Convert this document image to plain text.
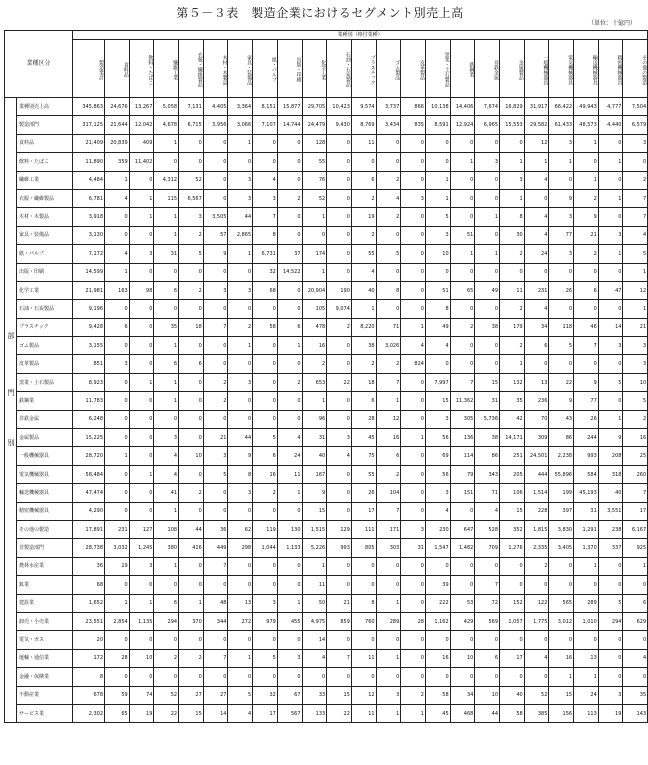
第５－３表　製造企業におけるセグメント別売上高
（単位：十億円）
業種区分		業種別（格付業種）																						
		製造業計	食料品	飲料・たばこ	繊維工業	衣服・繊維製品	木材・木製品	家具・装備品	紙・パルプ	出版・印刷	化学工業	石油・石炭製品	プラスチック	ゴム製品	皮革製品	窯業・土石製品	鉄鋼業	非鉄金属	金属製品	一般機械器具	電気機械器具	輸送機械器具	精密機械器具	その他の製造

部
門
別	業種別売上高	345,863	24,676	13,267	5,058	7,131	4,405	3,364	8,151	15,877	29,705	10,423	9,574	3,737	866	10,138	14,406	7,674	16,829	31,917	66,422	49,943	4,777	7,504
	製造部門	317,125	21,644	12,042	4,678	6,715	3,956	3,066	7,107	14,744	24,479	9,430	8,769	3,434	835	8,591	12,924	6,965	15,553	29,582	61,433	48,573	4,440	6,579
	食料品	21,409	20,839	409	1	0	0	1	0	0	128	0	11	0	0	0	0	0	0	12	3	1	0	3
	飲料・たばこ	11,890	359	11,402	0	0	0	0	0	0	55	0	0	0	0	0	1	3	1	1	1	0	1	0
	繊維工業	4,484	1	0	4,312	52	0	3	4	0	76	0	6	2	0	1	0	0	3	4	0	1	0	2
	衣服・繊維製品	6,781	4	1	115	6,567	0	3	3	2	52	0	2	4	3	1	0	0	1	0	9	2	1	7
	木材・木製品	3,918	0	1	1	3	3,505	44	7	0	1	0	19	2	0	5	0	1	8	4	3	9	0	7
	家具・装備品	3,130	0	0	1	2	57	2,865	8	0	0	0	2	0	0	3	51	0	30	4	77	21	3	4
	紙・パルプ	7,172	4	3	31	5	9	1	6,731	37	174	0	55	5	0	10	1	1	2	24	3	2	1	5
	出版・印刷	14,599	1	0	0	0	0	0	32	14,522	1	0	4	0	0	0	0	0	0	0	0	0	0	1
	化学工業	21,981	163	98	6	2	3	3	68	0	20,904	190	40	8	0	51	65	49	11	231	26	6	47	12
	石油・石炭製品	9,196	0	0	0	0	0	0	0	0	105	9,074	1	0	0	8	0	0	2	4	0	0	0	1
	プラスチック	9,428	6	0	35	18	7	2	58	6	478	2	8,220	71	1	49	2	38	179	34	118	46	14	21
	ゴム製品	3,155	0	0	1	0	0	1	0	1	16	0	38	3,026	4	4	0	0	2	6	5	7	3	3
	皮革製品	851	3	0	6	6	0	0	0	0	2	0	2	2	824	0	0	0	1	0	0	0	0	3
	窯業・土石製品	8,923	0	1	1	0	2	3	0	2	653	22	18	7	0	7,997	7	15	132	13	22	9	5	10
	鉄鋼業	11,783	0	0	1	0	2	0	0	0	1	0	6	1	0	15	11,362	31	35	236	9	77	0	5
	非鉄金属	6,248	0	0	0	0	0	0	0	0	96	0	28	12	0	3	305	5,736	42	70	43	26	1	2
	金属製品	15,225	0	0	3	0	21	44	5	4	31	3	45	16	1	56	136	38	14,171	309	86	244	9	16
	一般機械器具	28,720	1	0	4	10	3	9	6	24	40	4	75	6	0	69	114	86	251	24,501	2,238	993	208	25
	電気機械器具	58,484	0	1	4	0	5	8	16	11	167	0	55	2	0	56	79	343	205	444	55,896	584	318	260
	輸送機械器具	47,474	0	0	41	2	0	3	2	1	9	0	26	104	0	3	151	71	106	1,514	199	45,193	40	7
	精密機械器具	4,290	0	0	1	0	0	0	0	0	15	0	17	7	0	4	0	4	15	228	397	31	3,551	17
	その他の製造	17,891	231	127	108	44	36	62	119	130	1,515	129	111	171	3	230	647	528	352	1,815	3,830	1,291	238	6,167
	非製造部門	28,738	3,032	1,245	380	416	449	298	1,044	1,133	5,226	993	805	303	31	1,547	1,482	709	1,276	2,335	3,405	1,370	337	925
	農林水産業	36	19	3	1	0	7	0	0	0	1	0	0	0	0	0	0	0	0	2	0	1	0	1
	鉱業	68	0	0	0	0	0	0	0	0	11	0	0	0	0	39	0	7	0	0	0	0	0	0
	建設業	1,652	1	1	6	1	48	13	3	1	50	21	8	1	0	222	53	72	152	122	565	289	5	6
	卸売・小売業	23,551	2,854	1,135	294	370	344	272	979	455	4,975	859	760	289	28	1,162	429	569	1,057	1,775	3,012	1,010	294	629
	電気・ガス	20	0	0	0	0	0	0	0	0	14	0	0	0	0	0	0	0	0	0	0	0	0	0
	運輸・通信業	172	28	10	2	2	7	1	5	3	4	7	11	1	0	16	10	6	17	4	16	13	0	4
	金融・保険業	8	0	0	0	0	0	0	0	0	0	0	0	0	0	0	0	0	0	0	1	1	0	0
	不動産業	678	59	74	52	27	27	5	32	67	33	15	12	3	2	58	34	10	40	52	15	24	3	35
	サービス業	2,302	65	19	22	15	14	4	17	567	133	22	11	1	1	45	468	44	58	385	156	113	19	143
